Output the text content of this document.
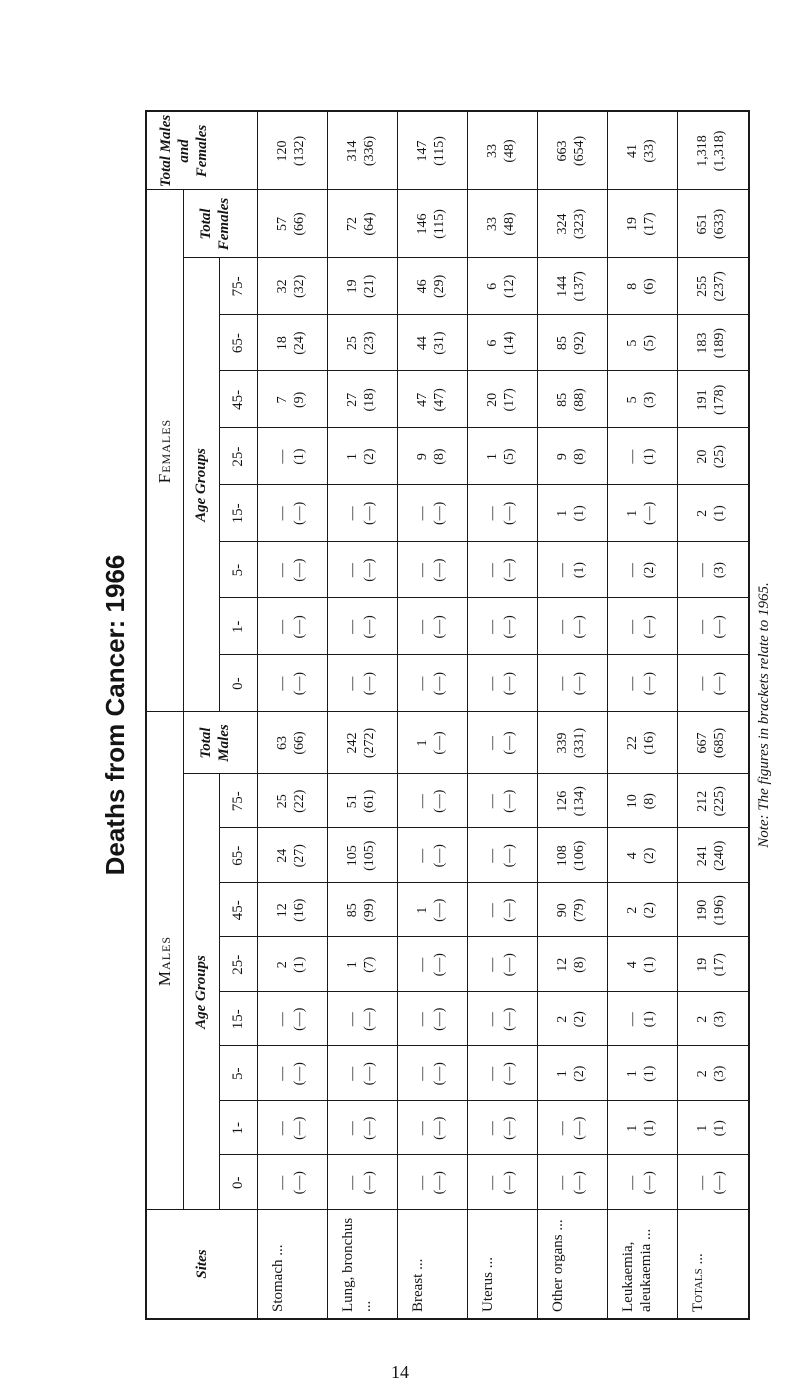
Deaths from Cancer: 1966
Sites
Males
Females
Age Groups
Age Groups
Total Males
Total Females
Total Males and Females
0-
0-
1-
1-
5-
5-
15-
15-
25-
25-
45-
45-
65-
65-
75-
75-
Stomach ...
— (—)
— (—)
— (—)
— (—)
2 (1)
12 (16)
24 (27)
25 (22)
63 (66)
— (—)
— (—)
— (—)
— (—)
— (1)
7 (9)
18 (24)
32 (32)
57 (66)
120 (132)
Lung, bronchus ...
— (—)
— (—)
— (—)
— (—)
1 (7)
85 (99)
105 (105)
51 (61)
242 (272)
— (—)
— (—)
— (—)
— (—)
1 (2)
27 (18)
25 (23)
19 (21)
72 (64)
314 (336)
Breast ...
— (—)
— (—)
— (—)
— (—)
— (—)
1 (—)
— (—)
— (—)
1 (—)
— (—)
— (—)
— (—)
— (—)
9 (8)
47 (47)
44 (31)
46 (29)
146 (115)
147 (115)
Uterus ...
— (—)
— (—)
— (—)
— (—)
— (—)
— (—)
— (—)
— (—)
— (—)
— (—)
— (—)
— (—)
— (—)
1 (5)
20 (17)
6 (14)
6 (12)
33 (48)
33 (48)
Other organs ...
— (—)
— (—)
1 (2)
2 (2)
12 (8)
90 (79)
108 (106)
126 (134)
339 (331)
— (—)
— (—)
— (1)
1 (1)
9 (8)
85 (88)
85 (92)
144 (137)
324 (323)
663 (654)
Leukaemia, aleukaemia ...
— (—)
1 (1)
1 (1)
— (1)
4 (1)
2 (2)
4 (2)
10 (8)
22 (16)
— (—)
— (—)
— (2)
1 (—)
— (1)
5 (3)
5 (5)
8 (6)
19 (17)
41 (33)
Totals ...
— (—)
1 (1)
2 (3)
2 (3)
19 (17)
190 (196)
241 (240)
212 (225)
667 (685)
— (—)
— (—)
— (3)
2 (1)
20 (25)
191 (178)
183 (189)
255 (237)
651 (633)
1,318 (1,318)
Note: The figures in brackets relate to 1965.
14
